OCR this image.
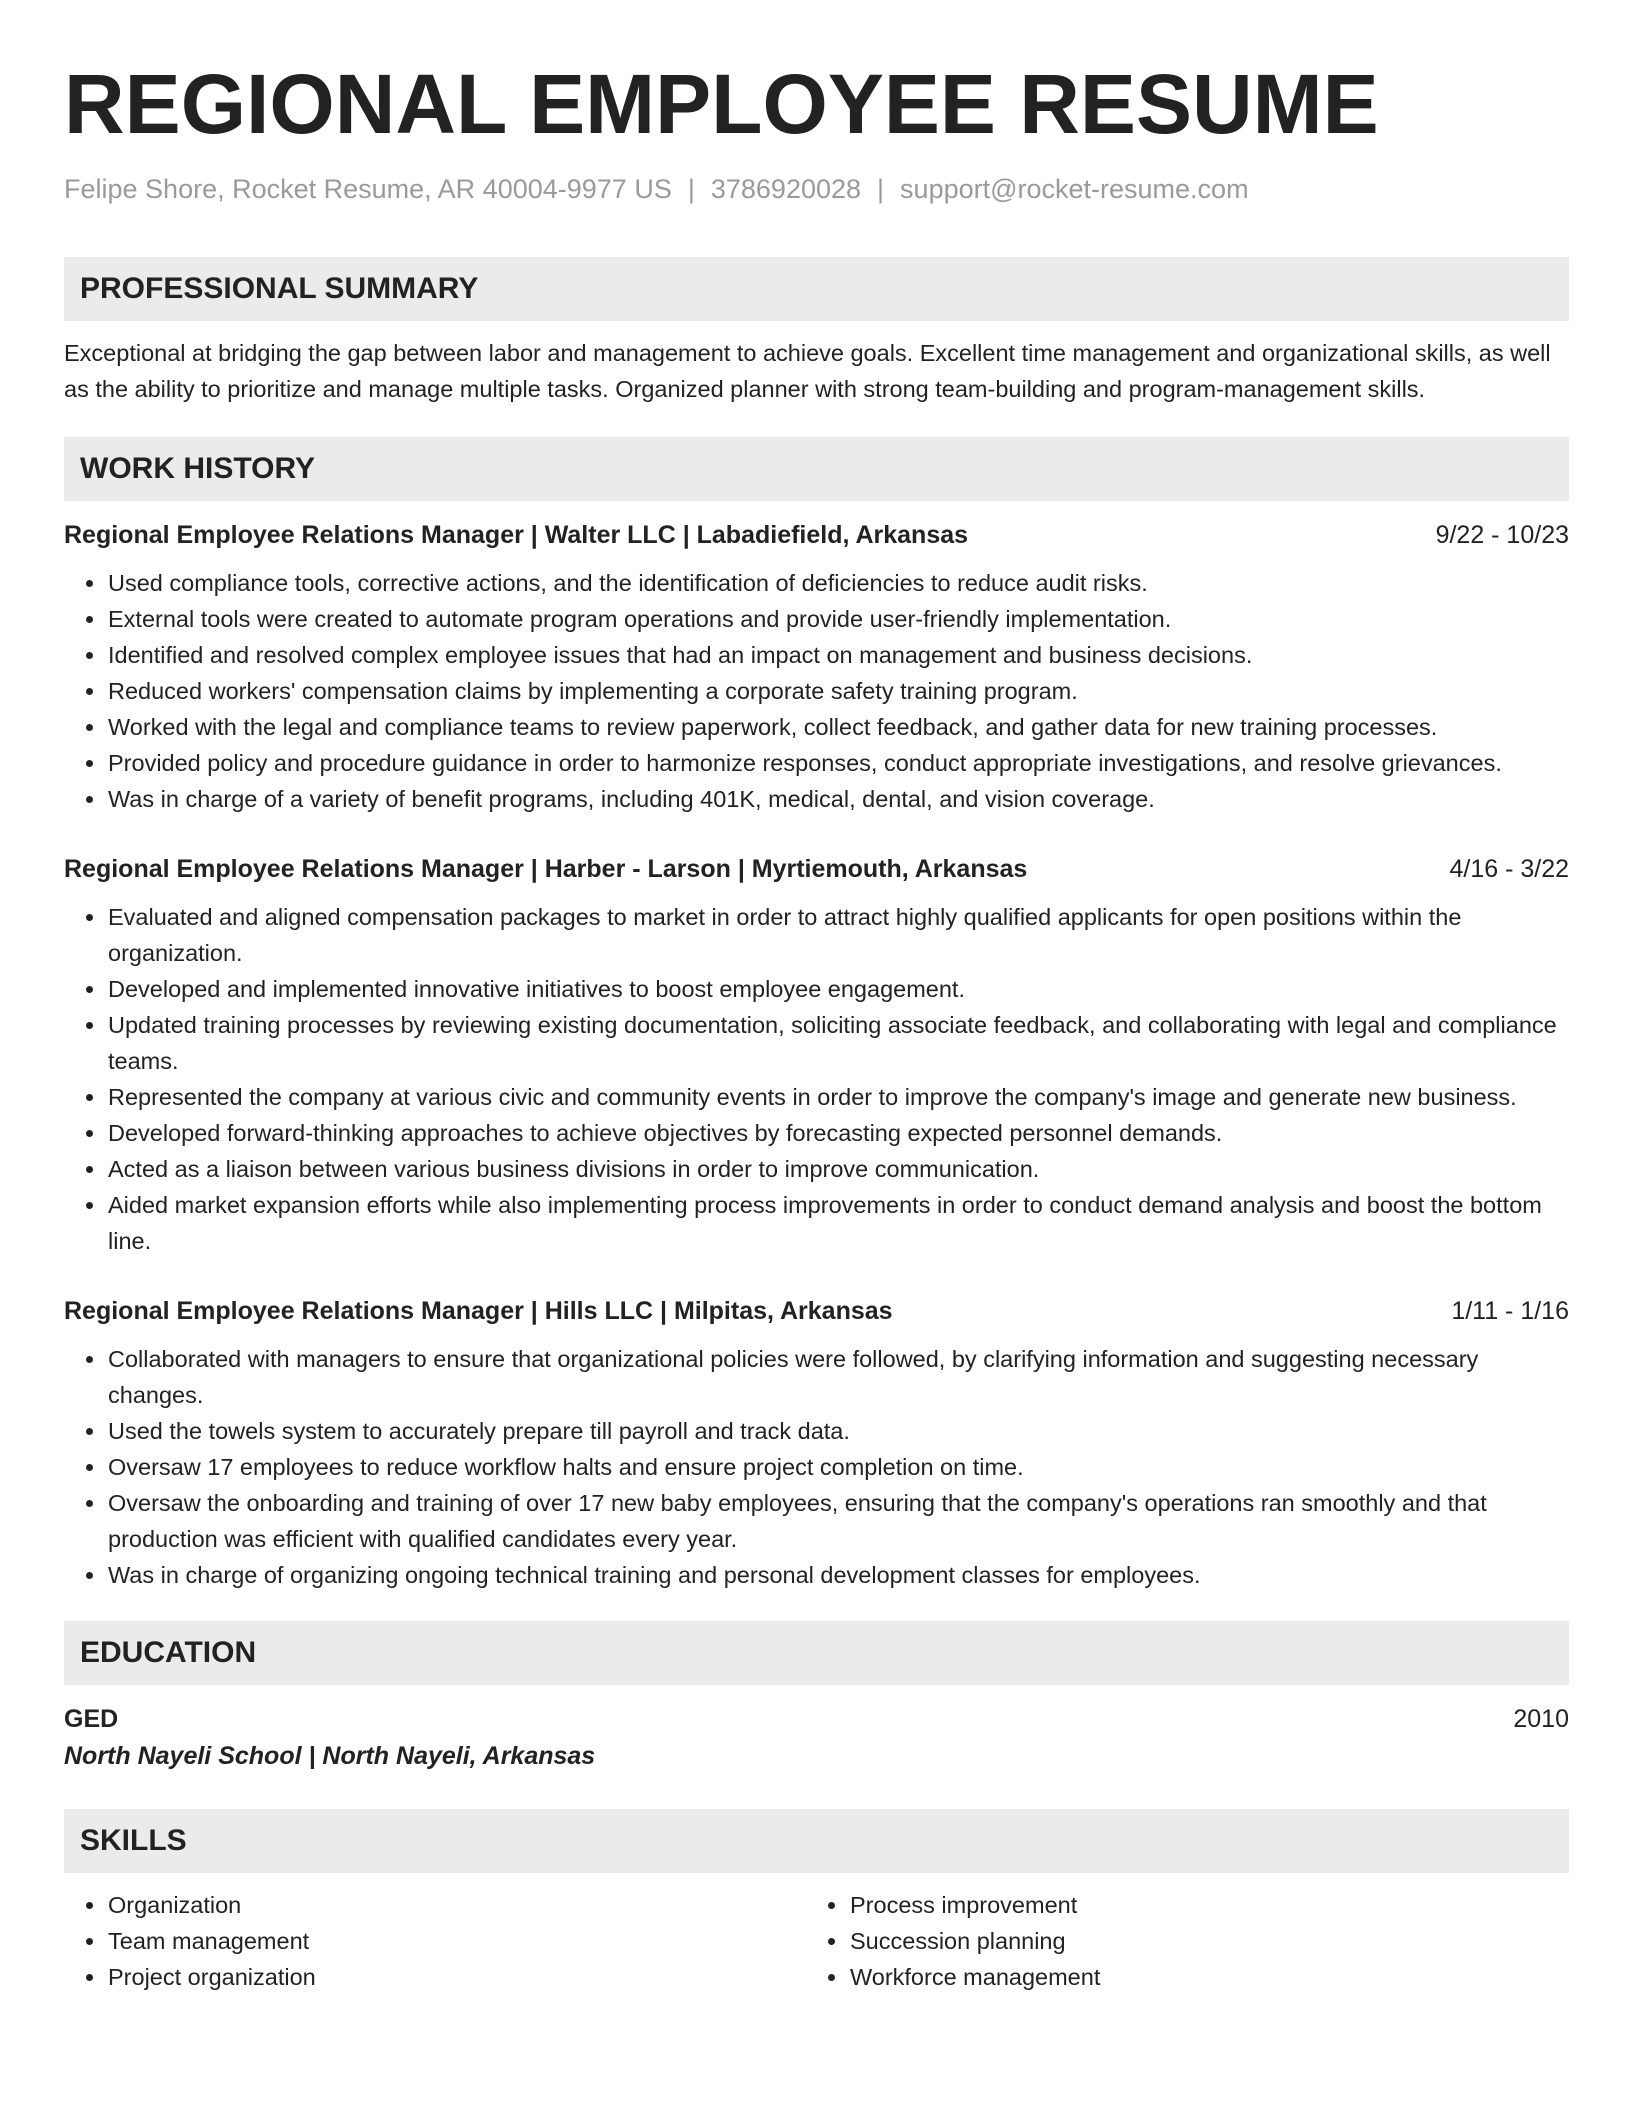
REGIONAL EMPLOYEE RESUME
Felipe Shore, Rocket Resume, AR 40004-9977 US | 3786920028 | support@rocket-resume.com
PROFESSIONAL SUMMARY
Exceptional at bridging the gap between labor and management to achieve goals. Excellent time management and organizational skills, as well as the ability to prioritize and manage multiple tasks. Organized planner with strong team-building and program-management skills.
WORK HISTORY
Regional Employee Relations Manager | Walter LLC | Labadiefield, Arkansas	9/22 - 10/23
• Used compliance tools, corrective actions, and the identification of deficiencies to reduce audit risks.
• External tools were created to automate program operations and provide user-friendly implementation.
• Identified and resolved complex employee issues that had an impact on management and business decisions.
• Reduced workers' compensation claims by implementing a corporate safety training program.
• Worked with the legal and compliance teams to review paperwork, collect feedback, and gather data for new training processes.
• Provided policy and procedure guidance in order to harmonize responses, conduct appropriate investigations, and resolve grievances.
• Was in charge of a variety of benefit programs, including 401K, medical, dental, and vision coverage.
Regional Employee Relations Manager | Harber - Larson | Myrtiemouth, Arkansas	4/16 - 3/22
• Evaluated and aligned compensation packages to market in order to attract highly qualified applicants for open positions within the organization.
• Developed and implemented innovative initiatives to boost employee engagement.
• Updated training processes by reviewing existing documentation, soliciting associate feedback, and collaborating with legal and compliance teams.
• Represented the company at various civic and community events in order to improve the company's image and generate new business.
• Developed forward-thinking approaches to achieve objectives by forecasting expected personnel demands.
• Acted as a liaison between various business divisions in order to improve communication.
• Aided market expansion efforts while also implementing process improvements in order to conduct demand analysis and boost the bottom line.
Regional Employee Relations Manager | Hills LLC | Milpitas, Arkansas	1/11 - 1/16
• Collaborated with managers to ensure that organizational policies were followed, by clarifying information and suggesting necessary changes.
• Used the towels system to accurately prepare till payroll and track data.
• Oversaw 17 employees to reduce workflow halts and ensure project completion on time.
• Oversaw the onboarding and training of over 17 new baby employees, ensuring that the company's operations ran smoothly and that production was efficient with qualified candidates every year.
• Was in charge of organizing ongoing technical training and personal development classes for employees.
EDUCATION
GED	2010
North Nayeli School | North Nayeli, Arkansas
SKILLS
• Organization
• Team management
• Project organization
• Process improvement
• Succession planning
• Workforce management
